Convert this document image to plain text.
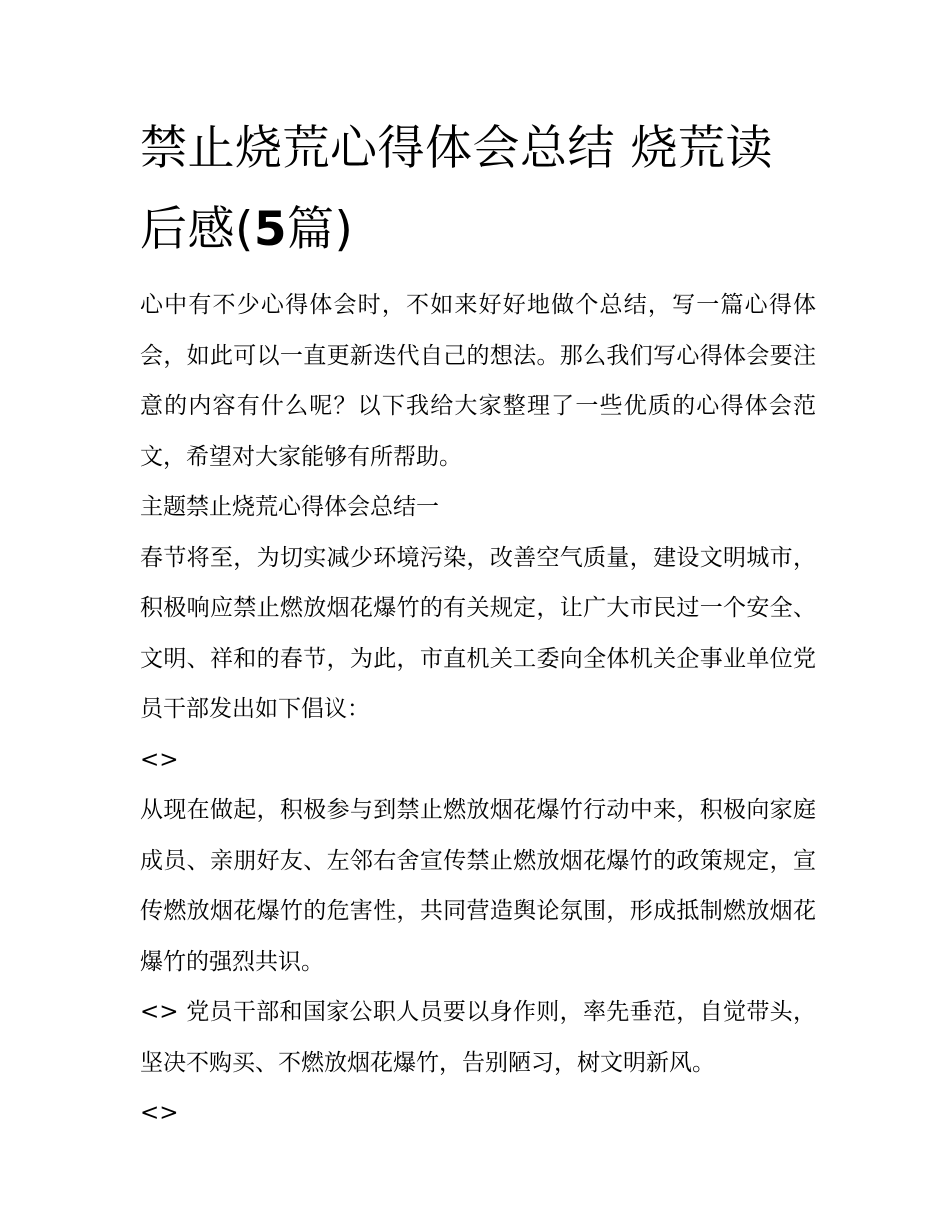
禁止烧荒心得体会总结 烧荒读后感(5篇)

心中有不少心得体会时，不如来好好地做个总结，写一篇心得体会，如此可以一直更新迭代自己的想法。那么我们写心得体会要注意的内容有什么呢？以下我给大家整理了一些优质的心得体会范文，希望对大家能够有所帮助。

主题禁止烧荒心得体会总结一

春节将至，为切实减少环境污染，改善空气质量，建设文明城市，积极响应禁止燃放烟花爆竹的有关规定，让广大市民过一个安全、文明、祥和的春节，为此，市直机关工委向全体机关企事业单位党员干部发出如下倡议：

<>

从现在做起，积极参与到禁止燃放烟花爆竹行动中来，积极向家庭成员、亲朋好友、左邻右舍宣传禁止燃放烟花爆竹的政策规定，宣传燃放烟花爆竹的危害性，共同营造舆论氛围，形成抵制燃放烟花爆竹的强烈共识。

<> 党员干部和国家公职人员要以身作则，率先垂范，自觉带头，坚决不购买、不燃放烟花爆竹，告别陋习，树文明新风。

<>
